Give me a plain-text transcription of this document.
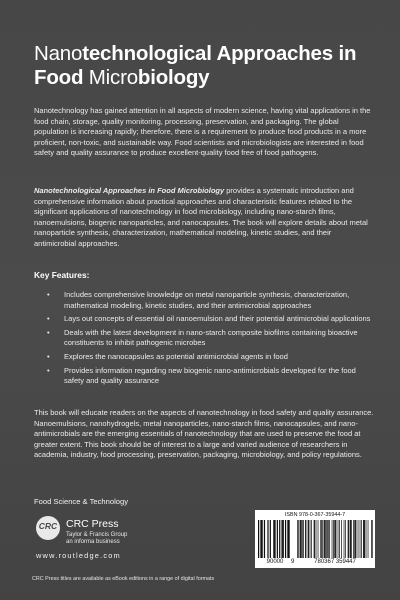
Nanotechnological Approaches in
Food Microbiology

Nanotechnology has gained attention in all aspects of modern science, having vital applications in the food chain, storage, quality monitoring, processing, preservation, and packaging. The global population is increasing rapidly; therefore, there is a requirement to produce food products in a more proficient, non-toxic, and sustainable way. Food scientists and microbiologists are interested in food safety and quality assurance to produce excellent-quality food free of food pathogens.

Nanotechnological Approaches in Food Microbiology provides a systematic introduction and comprehensive information about practical approaches and characteristic features related to the significant applications of nanotechnology in food microbiology, including nano-starch films, nanoemulsions, biogenic nanoparticles, and nanocapsules. The book will explore details about metal nanoparticle synthesis, characterization, mathematical modeling, kinetic studies, and their antimicrobial approaches.

Key Features:

• Includes comprehensive knowledge on metal nanoparticle synthesis, characterization, mathematical modeling, kinetic studies, and their antimicrobial approaches
• Lays out concepts of essential oil nanoemulsion and their potential antimicrobial applications
• Deals with the latest development in nano-starch composite biofilms containing bioactive constituents to inhibit pathogenic microbes
• Explores the nanocapsules as potential antimicrobial agents in food
• Provides information regarding new biogenic nano-antimicrobials developed for the food safety and quality assurance

This book will educate readers on the aspects of nanotechnology in food safety and quality assurance. Nanoemulsions, nanohydrogels, metal nanoparticles, nano-starch films, nanocapsules, and nano-antimicrobials are the emerging essentials of nanotechnology that are used to preserve the food at greater extent. This book should be of interest to a large and varied audience of researchers in academia, industry, food processing, preservation, packaging, microbiology, and policy regulations.

Food Science & Technology
CRC CRC Press
Taylor & Francis Group
an informa business
www.routledge.com
CRC Press titles are available as eBook editions in a range of digital formats
ISBN 978-0-367-35944-7
90000	9	780367 359447
